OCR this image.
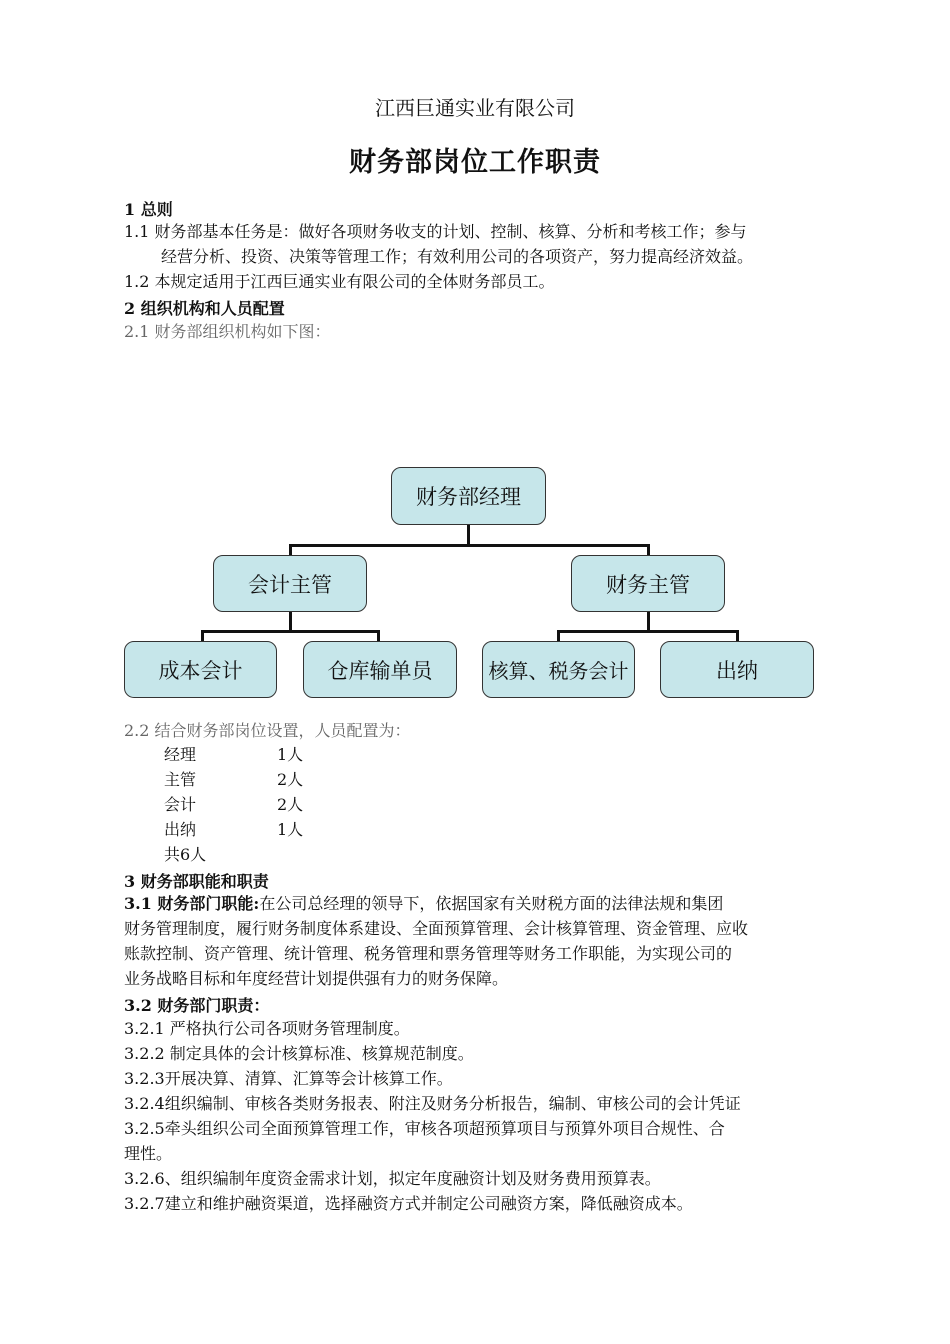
江西巨通实业有限公司
财务部岗位工作职责
1 总则
1.1 财务部基本任务是：做好各项财务收支的计划、控制、核算、分析和考核工作；参与
经营分析、投资、决策等管理工作；有效利用公司的各项资产，努力提高经济效益。
1.2 本规定适用于江西巨通实业有限公司的全体财务部员工。
2 组织机构和人员配置
2.1 财务部组织机构如下图：
财务部经理
会计主管	财务主管
成本会计	仓库输单员	核算、税务会计	出纳
2.2 结合财务部岗位设置，人员配置为：
经理	1人
主管	2人
会计	2人
出纳	1人
共6人
3 财务部职能和职责
3.1 财务部门职能:在公司总经理的领导下，依据国家有关财税方面的法律法规和集团
财务管理制度，履行财务制度体系建设、全面预算管理、会计核算管理、资金管理、应收
账款控制、资产管理、统计管理、税务管理和票务管理等财务工作职能，为实现公司的
业务战略目标和年度经营计划提供强有力的财务保障。
3.2 财务部门职责：
3.2.1 严格执行公司各项财务管理制度。
3.2.2 制定具体的会计核算标准、核算规范制度。
3.2.3开展决算、清算、汇算等会计核算工作。
3.2.4组织编制、审核各类财务报表、附注及财务分析报告，编制、审核公司的会计凭证
3.2.5牵头组织公司全面预算管理工作，审核各项超预算项目与预算外项目合规性、合
理性。
3.2.6、组织编制年度资金需求计划，拟定年度融资计划及财务费用预算表。
3.2.7建立和维护融资渠道，选择融资方式并制定公司融资方案，降低融资成本。
